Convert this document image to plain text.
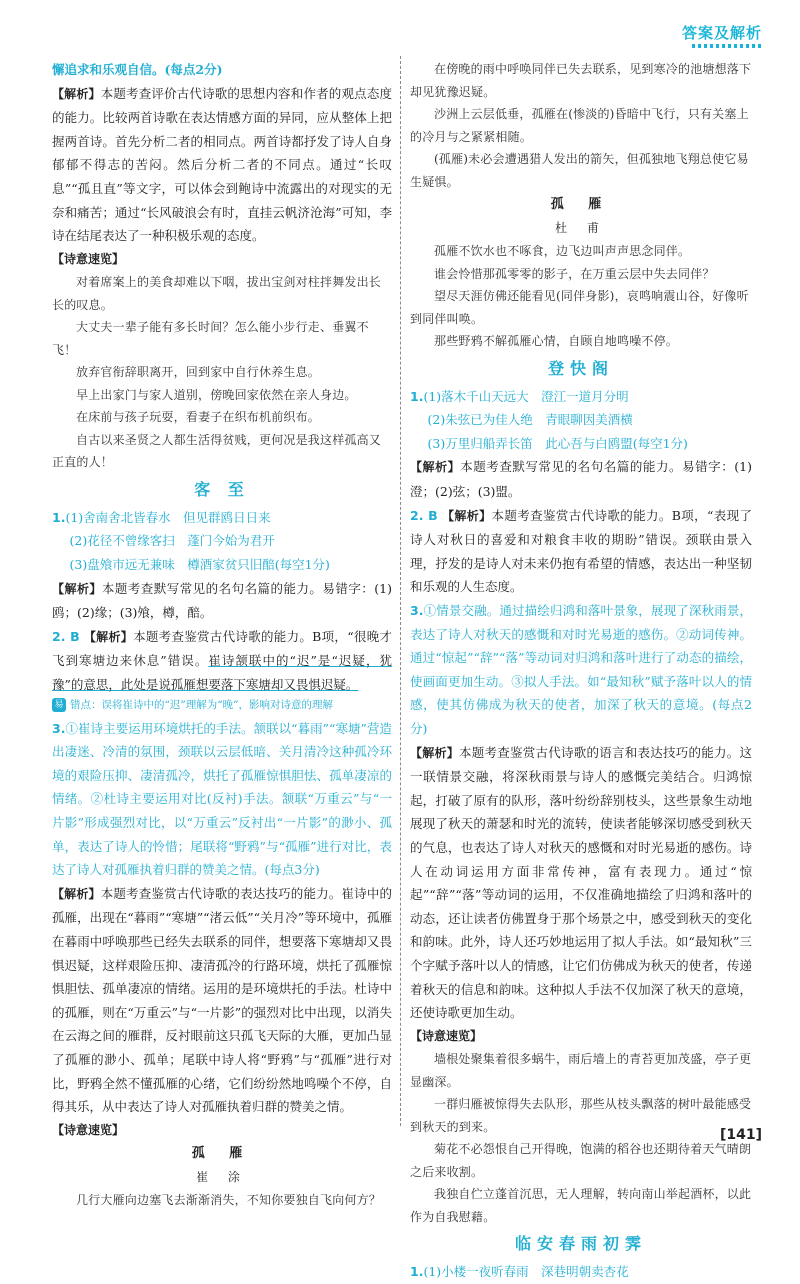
答案及解析
懈追求和乐观自信。(每点2分)
【解析】本题考查评价古代诗歌的思想内容和作者的观点态度的能力。比较两首诗歌在表达情感方面的异同，应从整体上把握两首诗。首先分析二者的相同点。两首诗都抒发了诗人自身郁郁不得志的苦闷。然后分析二者的不同点。通过“长叹息”“孤且直”等文字，可以体会到鲍诗中流露出的对现实的无奈和痛苦；通过“长风破浪会有时，直挂云帆济沧海”可知，李诗在结尾表达了一种积极乐观的态度。
【诗意速览】
对着席案上的美食却难以下咽，拔出宝剑对柱拌舞发出长长的叹息。
大丈夫一辈子能有多长时间？怎么能小步行走、垂翼不飞！
放弃官衔辞职离开，回到家中自行休养生息。
早上出家门与家人道别，傍晚回家依然在亲人身边。
在床前与孩子玩耍，看妻子在织布机前织布。
自古以来圣贤之人都生活得贫贱，更何况是我这样孤高又正直的人！
客 至
1.(1)舍南舍北皆春水　但见群鸥日日来
(2)花径不曾缘客扫　蓬门今始为君开
(3)盘飧市远无兼味　樽酒家贫只旧醅(每空1分)
【解析】本题考查默写常见的名句名篇的能力。易错字：(1)鸥；(2)缘；(3)飧，樽，醅。
2. B 【解析】本题考查鉴赏古代诗歌的能力。B项，“很晚才飞到寒塘边来休息”错误。崔诗颔联中的“迟”是“迟疑，犹豫”的意思，此处是说孤雁想要落下寒塘却又畏惧迟疑。
易 错点：误将崔诗中的“迟”理解为“晚”，影响对诗意的理解
3.①崔诗主要运用环境烘托的手法。颔联以“暮雨”“寒塘”营造出凄迷、冷清的氛围，颈联以云层低暗、关月清冷这种孤冷环境的艰险压抑、凄清孤冷，烘托了孤雁惊惧胆怯、孤单凄凉的情绪。②杜诗主要运用对比(反衬)手法。颔联“万重云”与“一片影”形成强烈对比，以“万重云”反衬出“一片影”的渺小、孤单，表达了诗人的怜惜；尾联将“野鸦”与“孤雁”进行对比，表达了诗人对孤雁执着归群的赞美之情。(每点3分)
【解析】本题考查鉴赏古代诗歌的表达技巧的能力。崔诗中的孤雁，出现在“暮雨”“寒塘”“渚云低”“关月冷”等环境中，孤雁在暮雨中呼唤那些已经失去联系的同伴，想要落下寒塘却又畏惧迟疑，这样艰险压抑、凄清孤冷的行路环境，烘托了孤雁惊惧胆怯、孤单凄凉的情绪。运用的是环境烘托的手法。杜诗中的孤雁，则在“万重云”与“一片影”的强烈对比中出现，以消失在云海之间的雁群，反衬眼前这只孤飞天际的大雁，更加凸显了孤雁的渺小、孤单；尾联中诗人将“野鸦”与“孤雁”进行对比，野鸦全然不懂孤雁的心绪，它们纷纷然地鸣噪个不停，自得其乐，从中表达了诗人对孤雁执着归群的赞美之情。
【诗意速览】
孤 雁
崔 涂
几行大雁向边塞飞去渐渐消失，不知你要独自飞向何方？
在傍晚的雨中呼唤同伴已失去联系，见到寒冷的池塘想落下却见犹豫迟疑。
沙洲上云层低垂，孤雁在(惨淡的)昏暗中飞行，只有关塞上的冷月与之紧紧相随。
(孤雁)未必会遭遇猎人发出的箭矢，但孤独地飞翔总使它易生疑惧。
孤 雁
杜 甫
孤雁不饮水也不啄食，边飞边叫声声思念同伴。
谁会怜惜那孤零零的影子，在万重云层中失去同伴？
望尽天涯仿佛还能看见(同伴身影)，哀鸣响震山谷，好像听到同伴叫唤。
那些野鸦不解孤雁心情，自顾自地鸣噪不停。
登快阁
1.(1)落木千山天远大　澄江一道月分明
(2)朱弦已为佳人绝　青眼聊因美酒横
(3)万里归船弄长笛　此心吾与白鸥盟(每空1分)
【解析】本题考查默写常见的名句名篇的能力。易错字：(1)澄；(2)弦；(3)盟。
2. B 【解析】本题考查鉴赏古代诗歌的能力。B项，“表现了诗人对秋日的喜爱和对粮食丰收的期盼”错误。颈联由景入理，抒发的是诗人对未来仍抱有希望的情感，表达出一种坚韧和乐观的人生态度。
3.①情景交融。通过描绘归鸿和落叶景象，展现了深秋雨景，表达了诗人对秋天的感慨和对时光易逝的感伤。②动词传神。通过“惊起”“辞”“落”等动词对归鸿和落叶进行了动态的描绘，使画面更加生动。③拟人手法。如“最知秋”赋予落叶以人的情感，使其仿佛成为秋天的使者，加深了秋天的意境。(每点2分)
【解析】本题考查鉴赏古代诗歌的语言和表达技巧的能力。这一联情景交融，将深秋雨景与诗人的感慨完美结合。归鸿惊起，打破了原有的队形，落叶纷纷辞别枝头，这些景象生动地展现了秋天的萧瑟和时光的流转，使读者能够深切感受到秋天的气息，也表达了诗人对秋天的感慨和对时光易逝的感伤。诗人在动词运用方面非常传神，富有表现力。通过“惊起”“辞”“落”等动词的运用，不仅准确地描绘了归鸿和落叶的动态，还让读者仿佛置身于那个场景之中，感受到秋天的变化和韵味。此外，诗人还巧妙地运用了拟人手法。如“最知秋”三个字赋予落叶以人的情感，让它们仿佛成为秋天的使者，传递着秋天的信息和韵味。这种拟人手法不仅加深了秋天的意境，还使诗歌更加生动。
【诗意速览】
墙根处聚集着很多蜗牛，雨后墙上的青苔更加茂盛，亭子更显幽深。
一群归雁被惊得失去队形，那些从枝头飘落的树叶最能感受到秋天的到来。
菊花不必怨恨自己开得晚，饱满的稻谷也还期待着天气晴朗之后来收割。
我独自伫立蓬首沉思，无人理解，转向南山举起酒杯，以此作为自我慰藉。
临安春雨初霁
1.(1)小楼一夜听春雨　深巷明朝卖杏花
[141]
